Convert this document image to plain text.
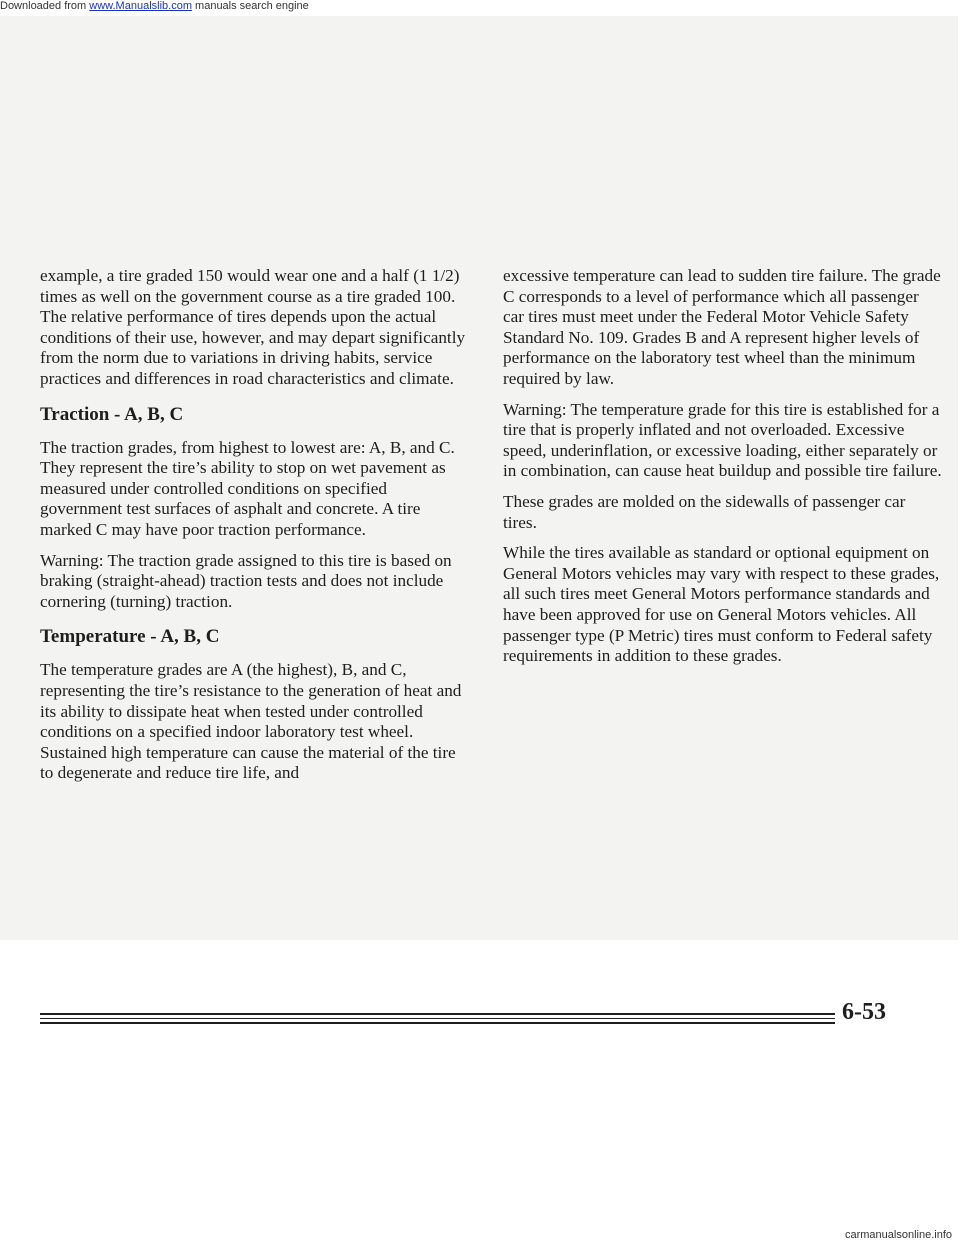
Downloaded from www.Manualslib.com manuals search engine

example, a tire graded 150 would wear one and a half (1 1/2) times as well on the government course as a tire graded 100. The relative performance of tires depends upon the actual conditions of their use, however, and may depart significantly from the norm due to variations in driving habits, service practices and differences in road characteristics and climate.

Traction - A, B, C

The traction grades, from highest to lowest are: A, B, and C. They represent the tire’s ability to stop on wet pavement as measured under controlled conditions on specified government test surfaces of asphalt and concrete. A tire marked C may have poor traction performance.

Warning: The traction grade assigned to this tire is based on braking (straight-ahead) traction tests and does not include cornering (turning) traction.

Temperature - A, B, C

The temperature grades are A (the highest), B, and C, representing the tire’s resistance to the generation of heat and its ability to dissipate heat when tested under controlled conditions on a specified indoor laboratory test wheel. Sustained high temperature can cause the material of the tire to degenerate and reduce tire life, and

excessive temperature can lead to sudden tire failure. The grade C corresponds to a level of performance which all passenger car tires must meet under the Federal Motor Vehicle Safety Standard No. 109. Grades B and A represent higher levels of performance on the laboratory test wheel than the minimum required by law.

Warning: The temperature grade for this tire is established for a tire that is properly inflated and not overloaded. Excessive speed, underinflation, or excessive loading, either separately or in combination, can cause heat buildup and possible tire failure.

These grades are molded on the sidewalls of passenger car tires.

While the tires available as standard or optional equipment on General Motors vehicles may vary with respect to these grades, all such tires meet General Motors performance standards and have been approved for use on General Motors vehicles. All passenger type (P Metric) tires must conform to Federal safety requirements in addition to these grades.

6-53
carmanualsonline.info
